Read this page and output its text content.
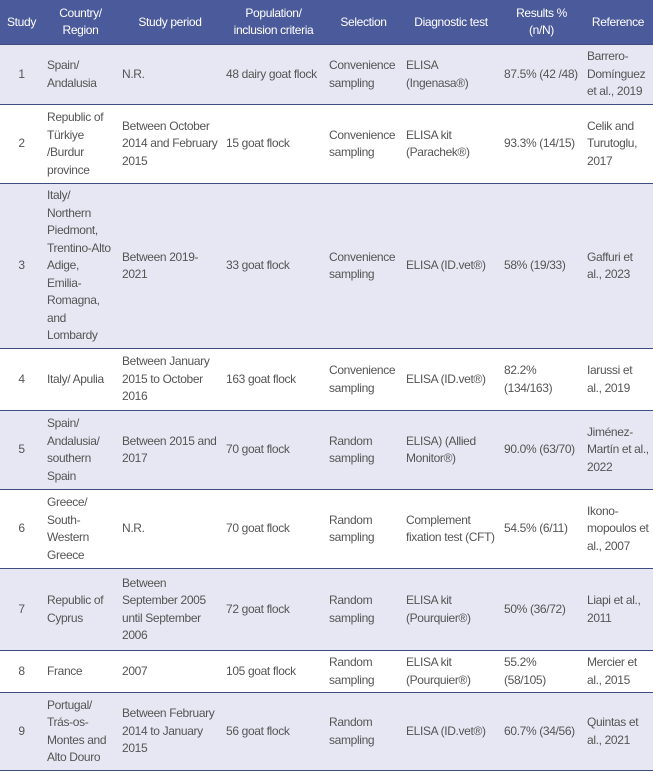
Study	Country/ Region	Study period	Population/ inclusion criteria	Selection	Diagnostic test	Results % (n/N)	Reference
1	Spain/ Andalusia	N.R.	48 dairy goat flock	Convenience sampling	ELISA (Ingenasa®)	87.5% (42 /48)	Barrero-Domínguez et al., 2019
2	Republic of Türkiye /Burdur province	Between October 2014 and February 2015	15 goat flock	Convenience sampling	ELISA kit (Parachek®)	93.3% (14/15)	Celik and Turutoglu, 2017
3	Italy/ Northern Piedmont, Trentino-Alto Adige, Emilia-Romagna, and Lombardy	Between 2019-2021	33 goat flock	Convenience sampling	ELISA (ID.vet®)	58% (19/33)	Gaffuri et al., 2023
4	Italy/ Apulia	Between January 2015 to October 2016	163 goat flock	Convenience sampling	ELISA (ID.vet®)	82.2% (134/163)	Iarussi et al., 2019
5	Spain/ Andalusia/ southern Spain	Between 2015 and 2017	70 goat flock	Random sampling	ELISA) (Allied Monitor®)	90.0% (63/70)	Jiménez-Martín et al., 2022
6	Greece/ South-Western Greece	N.R.	70 goat flock	Random sampling	Complement fixation test (CFT)	54.5% (6/11)	Ikono-mopoulos et al., 2007
7	Republic of Cyprus	Between September 2005 until September 2006	72 goat flock	Random sampling	ELISA kit (Pourquier®)	50% (36/72)	Liapi et al., 2011
8	France	2007	105 goat flock	Random sampling	ELISA kit (Pourquier®)	55.2% (58/105)	Mercier et al., 2015
9	Portugal/ Trás-os-Montes and Alto Douro	Between February 2014 to January 2015	56 goat flock	Random sampling	ELISA (ID.vet®)	60.7% (34/56)	Quintas et al., 2021
